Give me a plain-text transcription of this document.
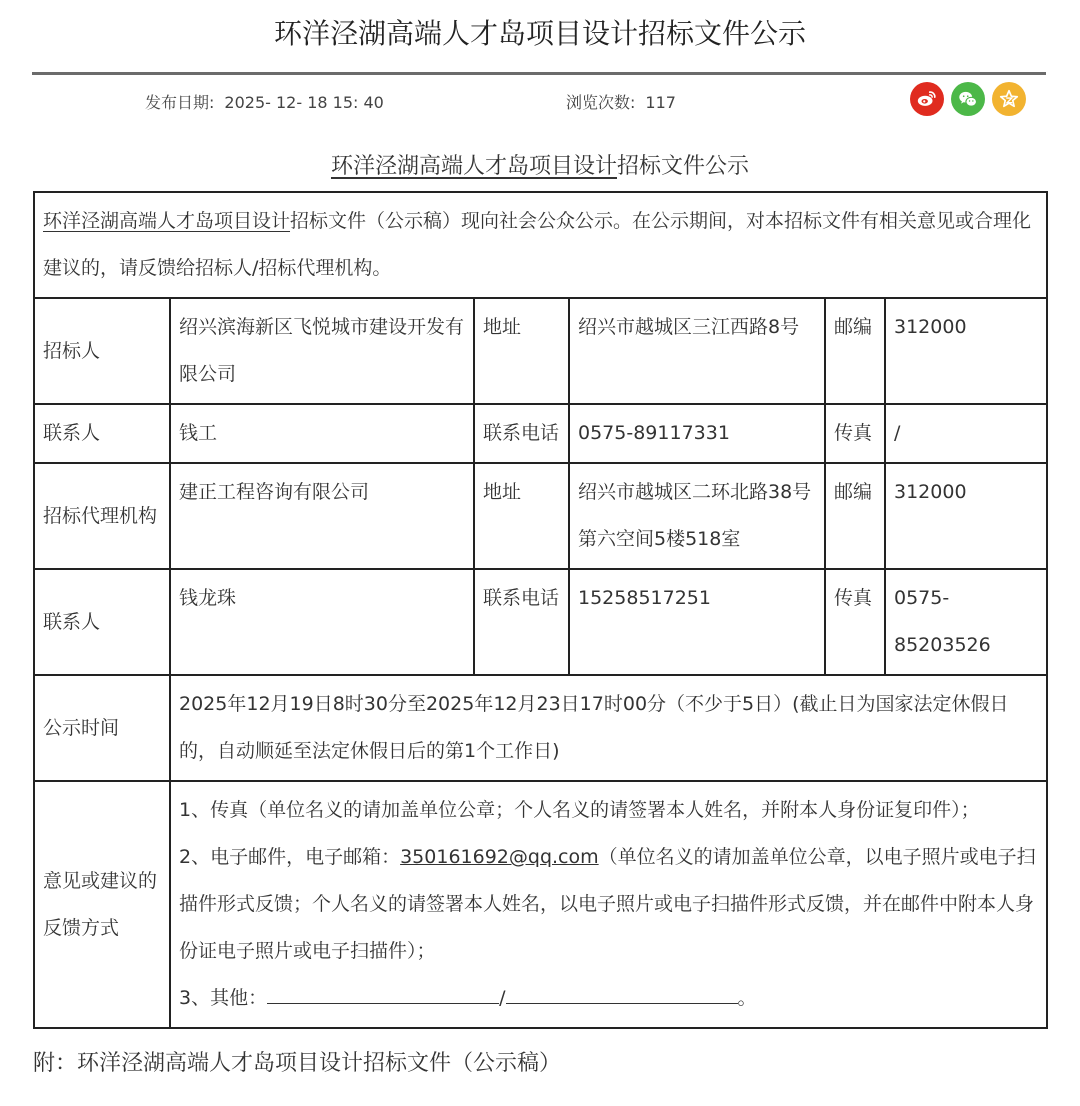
环洋泾湖高端人才岛项目设计招标文件公示
发布日期: 2025- 12- 18 15: 40	浏览次数: 117
环洋泾湖高端人才岛项目设计招标文件公示
环洋泾湖高端人才岛项目设计招标文件（公示稿）现向社会公众公示。在公示期间，对本招标文件有相关意见或合理化建议的，请反馈给招标人/招标代理机构。					
招标人	绍兴滨海新区飞悦城市建设开发有限公司	地址	绍兴市越城区三江西路8号	邮编	312000
联系人	钱工	联系电话	0575-89117331	传真	/
招标代理机构	建正工程咨询有限公司	地址	绍兴市越城区二环北路38号第六空间5楼518室	邮编	312000
联系人	钱龙珠	联系电话	15258517251	传真	0575-85203526
公示时间	2025年12月19日8时30分至2025年12月23日17时00分（不少于5日）(截止日为国家法定休假日的，自动顺延至法定休假日后的第1个工作日)				
意见或建议的反馈方式	1、传真（单位名义的请加盖单位公章；个人名义的请签署本人姓名，并附本人身份证复印件）；
2、电子邮件，电子邮箱：350161692@qq.com（单位名义的请加盖单位公章，以电子照片或电子扫描件形式反馈；个人名义的请签署本人姓名，以电子照片或电子扫描件形式反馈，并在邮件中附本人身份证电子照片或电子扫描件）；
3、其他： / 。				
附：环洋泾湖高端人才岛项目设计招标文件（公示稿）
